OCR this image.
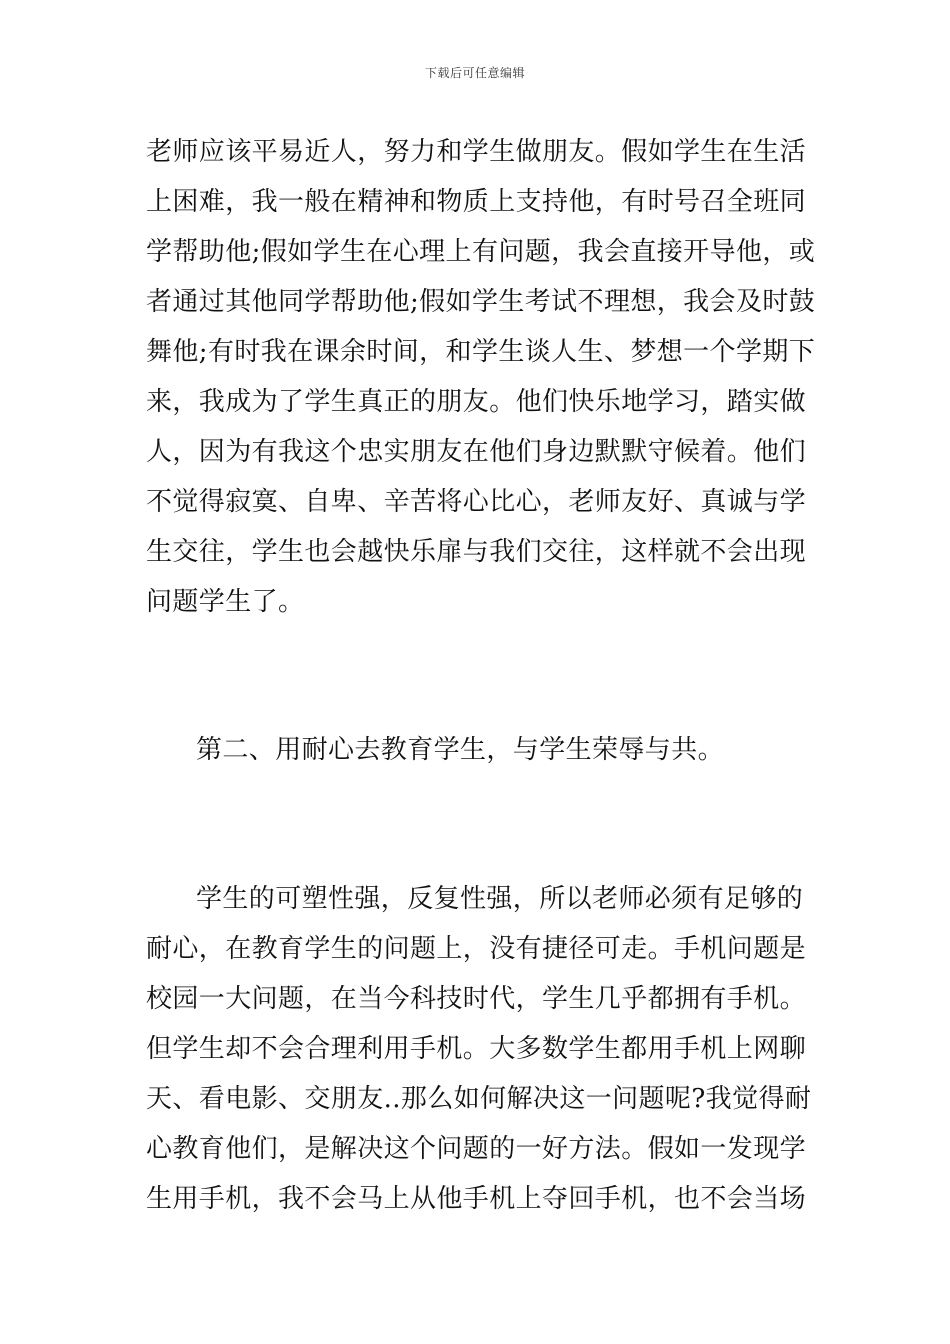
下载后可任意编辑
老师应该平易近人，努力和学生做朋友。假如学生在生活
上困难，我一般在精神和物质上支持他，有时号召全班同
学帮助他;假如学生在心理上有问题，我会直接开导他，或
者通过其他同学帮助他;假如学生考试不理想，我会及时鼓
舞他;有时我在课余时间，和学生谈人生、梦想一个学期下
来，我成为了学生真正的朋友。他们快乐地学习，踏实做
人，因为有我这个忠实朋友在他们身边默默守候着。他们
不觉得寂寞、自卑、辛苦将心比心，老师友好、真诚与学
生交往，学生也会越快乐扉与我们交往，这样就不会出现
问题学生了。
第二、用耐心去教育学生，与学生荣辱与共。
学生的可塑性强，反复性强，所以老师必须有足够的
耐心，在教育学生的问题上，没有捷径可走。手机问题是
校园一大问题，在当今科技时代，学生几乎都拥有手机。
但学生却不会合理利用手机。大多数学生都用手机上网聊
天、看电影、交朋友..那么如何解决这一问题呢?我觉得耐
心教育他们，是解决这个问题的一好方法。假如一发现学
生用手机，我不会马上从他手机上夺回手机，也不会当场
